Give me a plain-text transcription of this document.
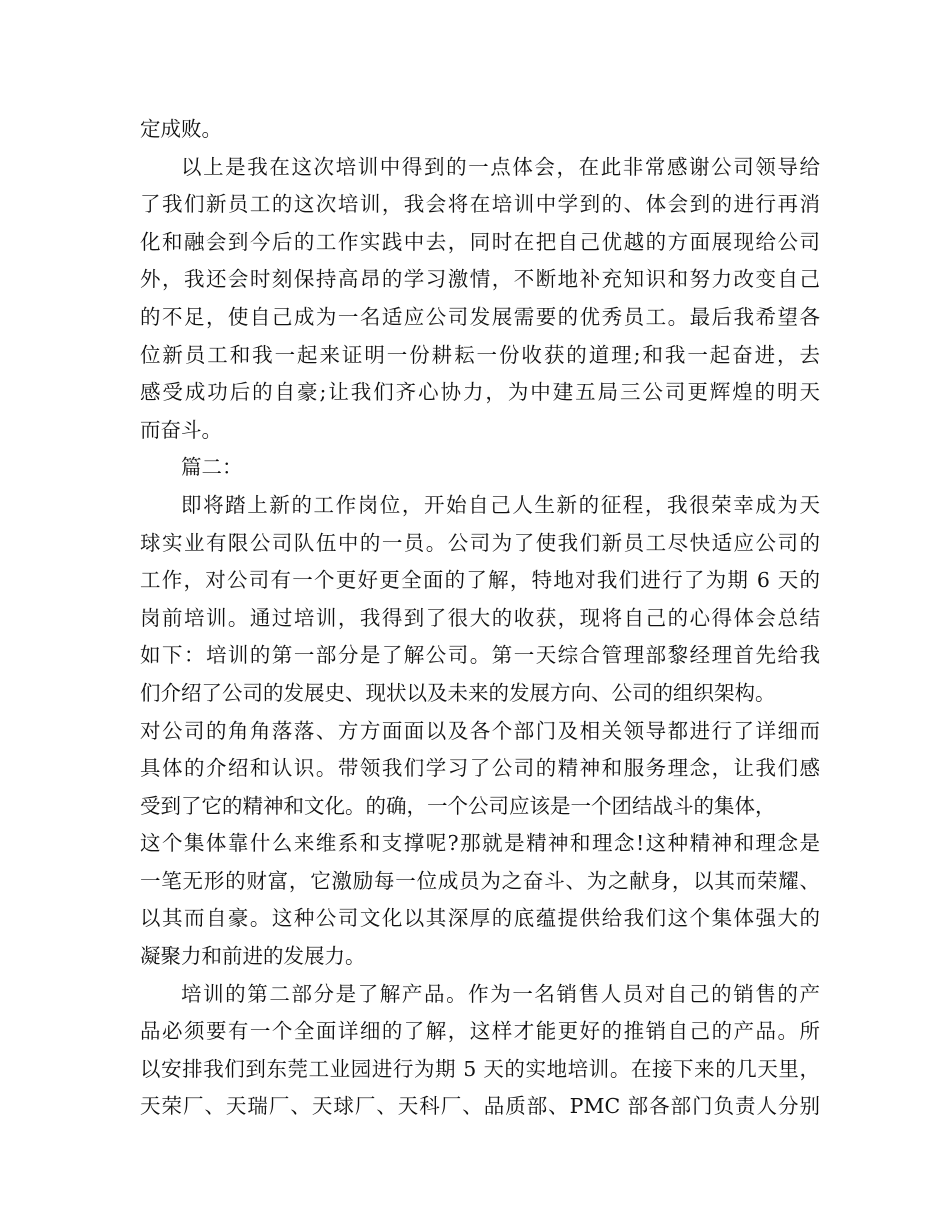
定成败。
以上是我在这次培训中得到的一点体会，在此非常感谢公司领导给
了我们新员工的这次培训，我会将在培训中学到的、体会到的进行再消
化和融会到今后的工作实践中去，同时在把自己优越的方面展现给公司
外，我还会时刻保持高昂的学习激情，不断地补充知识和努力改变自己
的不足，使自己成为一名适应公司发展需要的优秀员工。最后我希望各
位新员工和我一起来证明一份耕耘一份收获的道理;和我一起奋进，去
感受成功后的自豪;让我们齐心协力，为中建五局三公司更辉煌的明天
而奋斗。
篇二：
即将踏上新的工作岗位，开始自己人生新的征程，我很荣幸成为天
球实业有限公司队伍中的一员。公司为了使我们新员工尽快适应公司的
工作，对公司有一个更好更全面的了解，特地对我们进行了为期 6 天的
岗前培训。通过培训，我得到了很大的收获，现将自己的心得体会总结
如下：培训的第一部分是了解公司。第一天综合管理部黎经理首先给我
们介绍了公司的发展史、现状以及未来的发展方向、公司的组织架构。
对公司的角角落落、方方面面以及各个部门及相关领导都进行了详细而
具体的介绍和认识。带领我们学习了公司的精神和服务理念，让我们感
受到了它的精神和文化。的确，一个公司应该是一个团结战斗的集体，
这个集体靠什么来维系和支撑呢?那就是精神和理念!这种精神和理念是
一笔无形的财富，它激励每一位成员为之奋斗、为之献身，以其而荣耀、
以其而自豪。这种公司文化以其深厚的底蕴提供给我们这个集体强大的
凝聚力和前进的发展力。
培训的第二部分是了解产品。作为一名销售人员对自己的销售的产
品必须要有一个全面详细的了解，这样才能更好的推销自己的产品。所
以安排我们到东莞工业园进行为期 5 天的实地培训。在接下来的几天里，
天荣厂、天瑞厂、天球厂、天科厂、品质部、PMC 部各部门负责人分别
